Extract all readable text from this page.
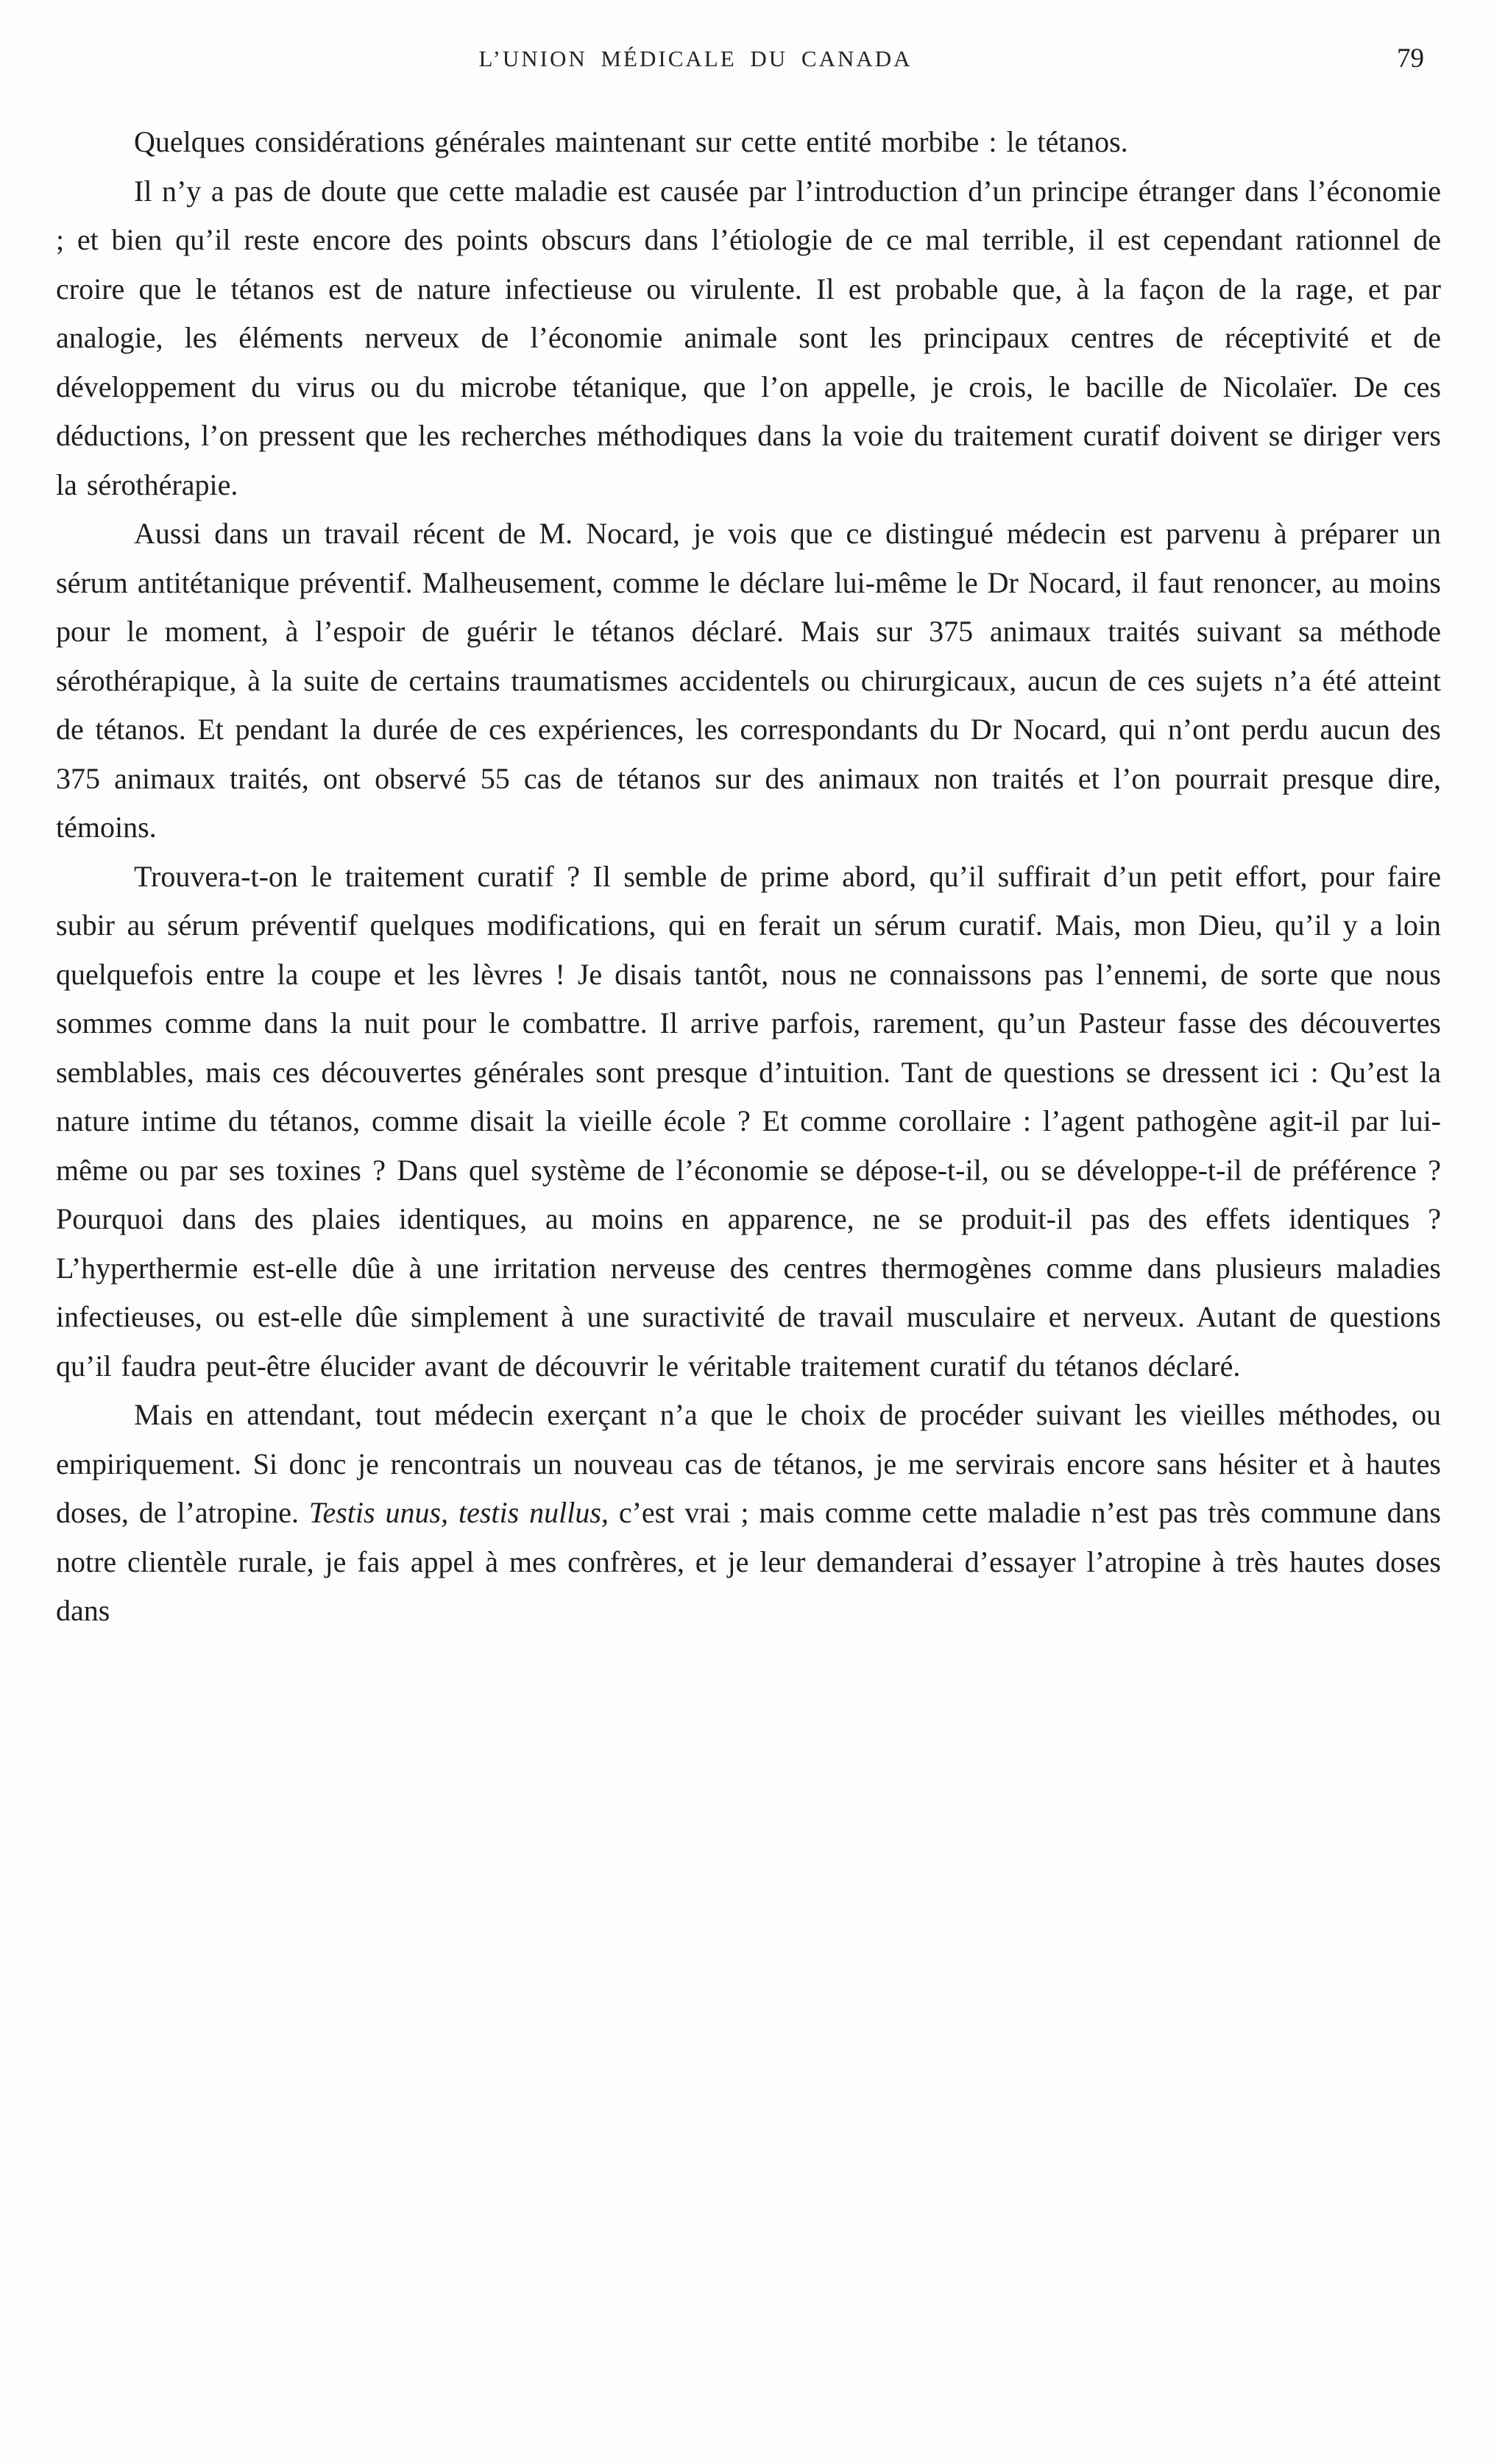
L’UNION MÉDICALE DU CANADA	79

Quelques considérations générales maintenant sur cette entité morbibe : le tétanos.

Il n’y a pas de doute que cette maladie est causée par l’introduction d’un principe étranger dans l’économie ; et bien qu’il reste encore des points obscurs dans l’étiologie de ce mal terrible, il est cependant rationnel de croire que le tétanos est de nature infectieuse ou virulente. Il est probable que, à la façon de la rage, et par analogie, les éléments nerveux de l’économie animale sont les principaux centres de réceptivité et de développement du virus ou du microbe tétanique, que l’on appelle, je crois, le bacille de Nicolaïer. De ces déductions, l’on pressent que les recherches méthodiques dans la voie du traitement curatif doivent se diriger vers la sérothérapie.

Aussi dans un travail récent de M. Nocard, je vois que ce distingué médecin est parvenu à préparer un sérum antitétanique préventif. Malheusement, comme le déclare lui-même le Dr Nocard, il faut renoncer, au moins pour le moment, à l’espoir de guérir le tétanos déclaré. Mais sur 375 animaux traités suivant sa méthode sérothérapique, à la suite de certains traumatismes accidentels ou chirurgicaux, aucun de ces sujets n’a été atteint de tétanos. Et pendant la durée de ces expériences, les correspondants du Dr Nocard, qui n’ont perdu aucun des 375 animaux traités, ont observé 55 cas de tétanos sur des animaux non traités et l’on pourrait presque dire, témoins.

Trouvera-t-on le traitement curatif ? Il semble de prime abord, qu’il suffirait d’un petit effort, pour faire subir au sérum préventif quelques modifications, qui en ferait un sérum curatif. Mais, mon Dieu, qu’il y a loin quelquefois entre la coupe et les lèvres ! Je disais tantôt, nous ne connaissons pas l’ennemi, de sorte que nous sommes comme dans la nuit pour le combattre. Il arrive parfois, rarement, qu’un Pasteur fasse des découvertes semblables, mais ces découvertes générales sont presque d’intuition. Tant de questions se dressent ici : Qu’est la nature intime du tétanos, comme disait la vieille école ? Et comme corollaire : l’agent pathogène agit-il par lui-même ou par ses toxines ? Dans quel système de l’économie se dépose-t-il, ou se développe-t-il de préférence ? Pourquoi dans des plaies identiques, au moins en apparence, ne se produit-il pas des effets identiques ? L’hyperthermie est-elle dûe à une irritation nerveuse des centres thermogènes comme dans plusieurs maladies infectieuses, ou est-elle dûe simplement à une suractivité de travail musculaire et nerveux. Autant de questions qu’il faudra peut-être élucider avant de découvrir le véritable traitement curatif du tétanos déclaré.

Mais en attendant, tout médecin exerçant n’a que le choix de procéder suivant les vieilles méthodes, ou empiriquement. Si donc je rencontrais un nouveau cas de tétanos, je me servirais encore sans hésiter et à hautes doses, de l’atropine. Testis unus, testis nullus, c’est vrai ; mais comme cette maladie n’est pas très commune dans notre clientèle rurale, je fais appel à mes confrères, et je leur demanderai d’essayer l’atropine à très hautes doses dans
